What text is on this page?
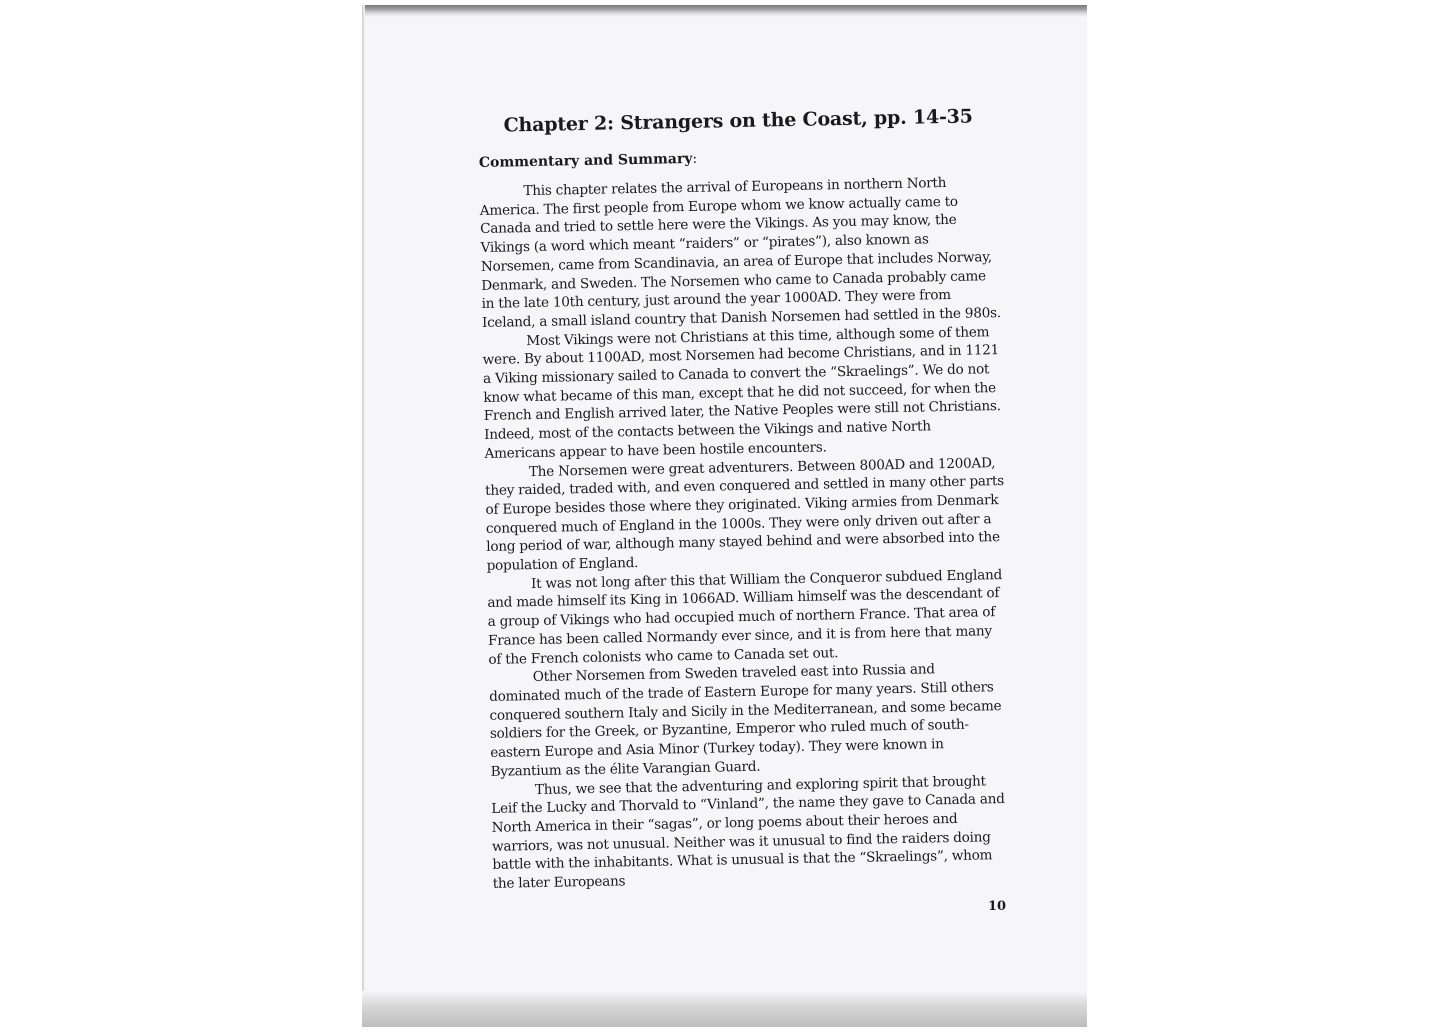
Chapter 2: Strangers on the Coast, pp. 14-35
Commentary and Summary:

This chapter relates the arrival of Europeans in northern North America. The first people from Europe whom we know actually came to Canada and tried to settle here were the Vikings. As you may know, the Vikings (a word which meant “raiders” or “pirates”), also known as Norsemen, came from Scandinavia, an area of Europe that includes Norway, Denmark, and Sweden. The Norsemen who came to Canada probably came in the late 10th century, just around the year 1000AD. They were from Iceland, a small island country that Danish Norsemen had settled in the 980s.

Most Vikings were not Christians at this time, although some of them were. By about 1100AD, most Norsemen had become Christians, and in 1121 a Viking missionary sailed to Canada to convert the “Skraelings”. We do not know what became of this man, except that he did not succeed, for when the French and English arrived later, the Native Peoples were still not Christians. Indeed, most of the contacts between the Vikings and native North Americans appear to have been hostile encounters.

The Norsemen were great adventurers. Between 800AD and 1200AD, they raided, traded with, and even conquered and settled in many other parts of Europe besides those where they originated. Viking armies from Denmark conquered much of England in the 1000s. They were only driven out after a long period of war, although many stayed behind and were absorbed into the population of England.

It was not long after this that William the Conqueror subdued England and made himself its King in 1066AD. William himself was the descendant of a group of Vikings who had occupied much of northern France. That area of France has been called Normandy ever since, and it is from here that many of the French colonists who came to Canada set out.

Other Norsemen from Sweden traveled east into Russia and dominated much of the trade of Eastern Europe for many years. Still others conquered southern Italy and Sicily in the Mediterranean, and some became soldiers for the Greek, or Byzantine, Emperor who ruled much of south-eastern Europe and Asia Minor (Turkey today). They were known in Byzantium as the élite Varangian Guard.

Thus, we see that the adventuring and exploring spirit that brought Leif the Lucky and Thorvald to “Vinland”, the name they gave to Canada and North America in their “sagas”, or long poems about their heroes and warriors, was not unusual. Neither was it unusual to find the raiders doing battle with the inhabitants. What is unusual is that the “Skraelings”, whom the later Europeans

10
